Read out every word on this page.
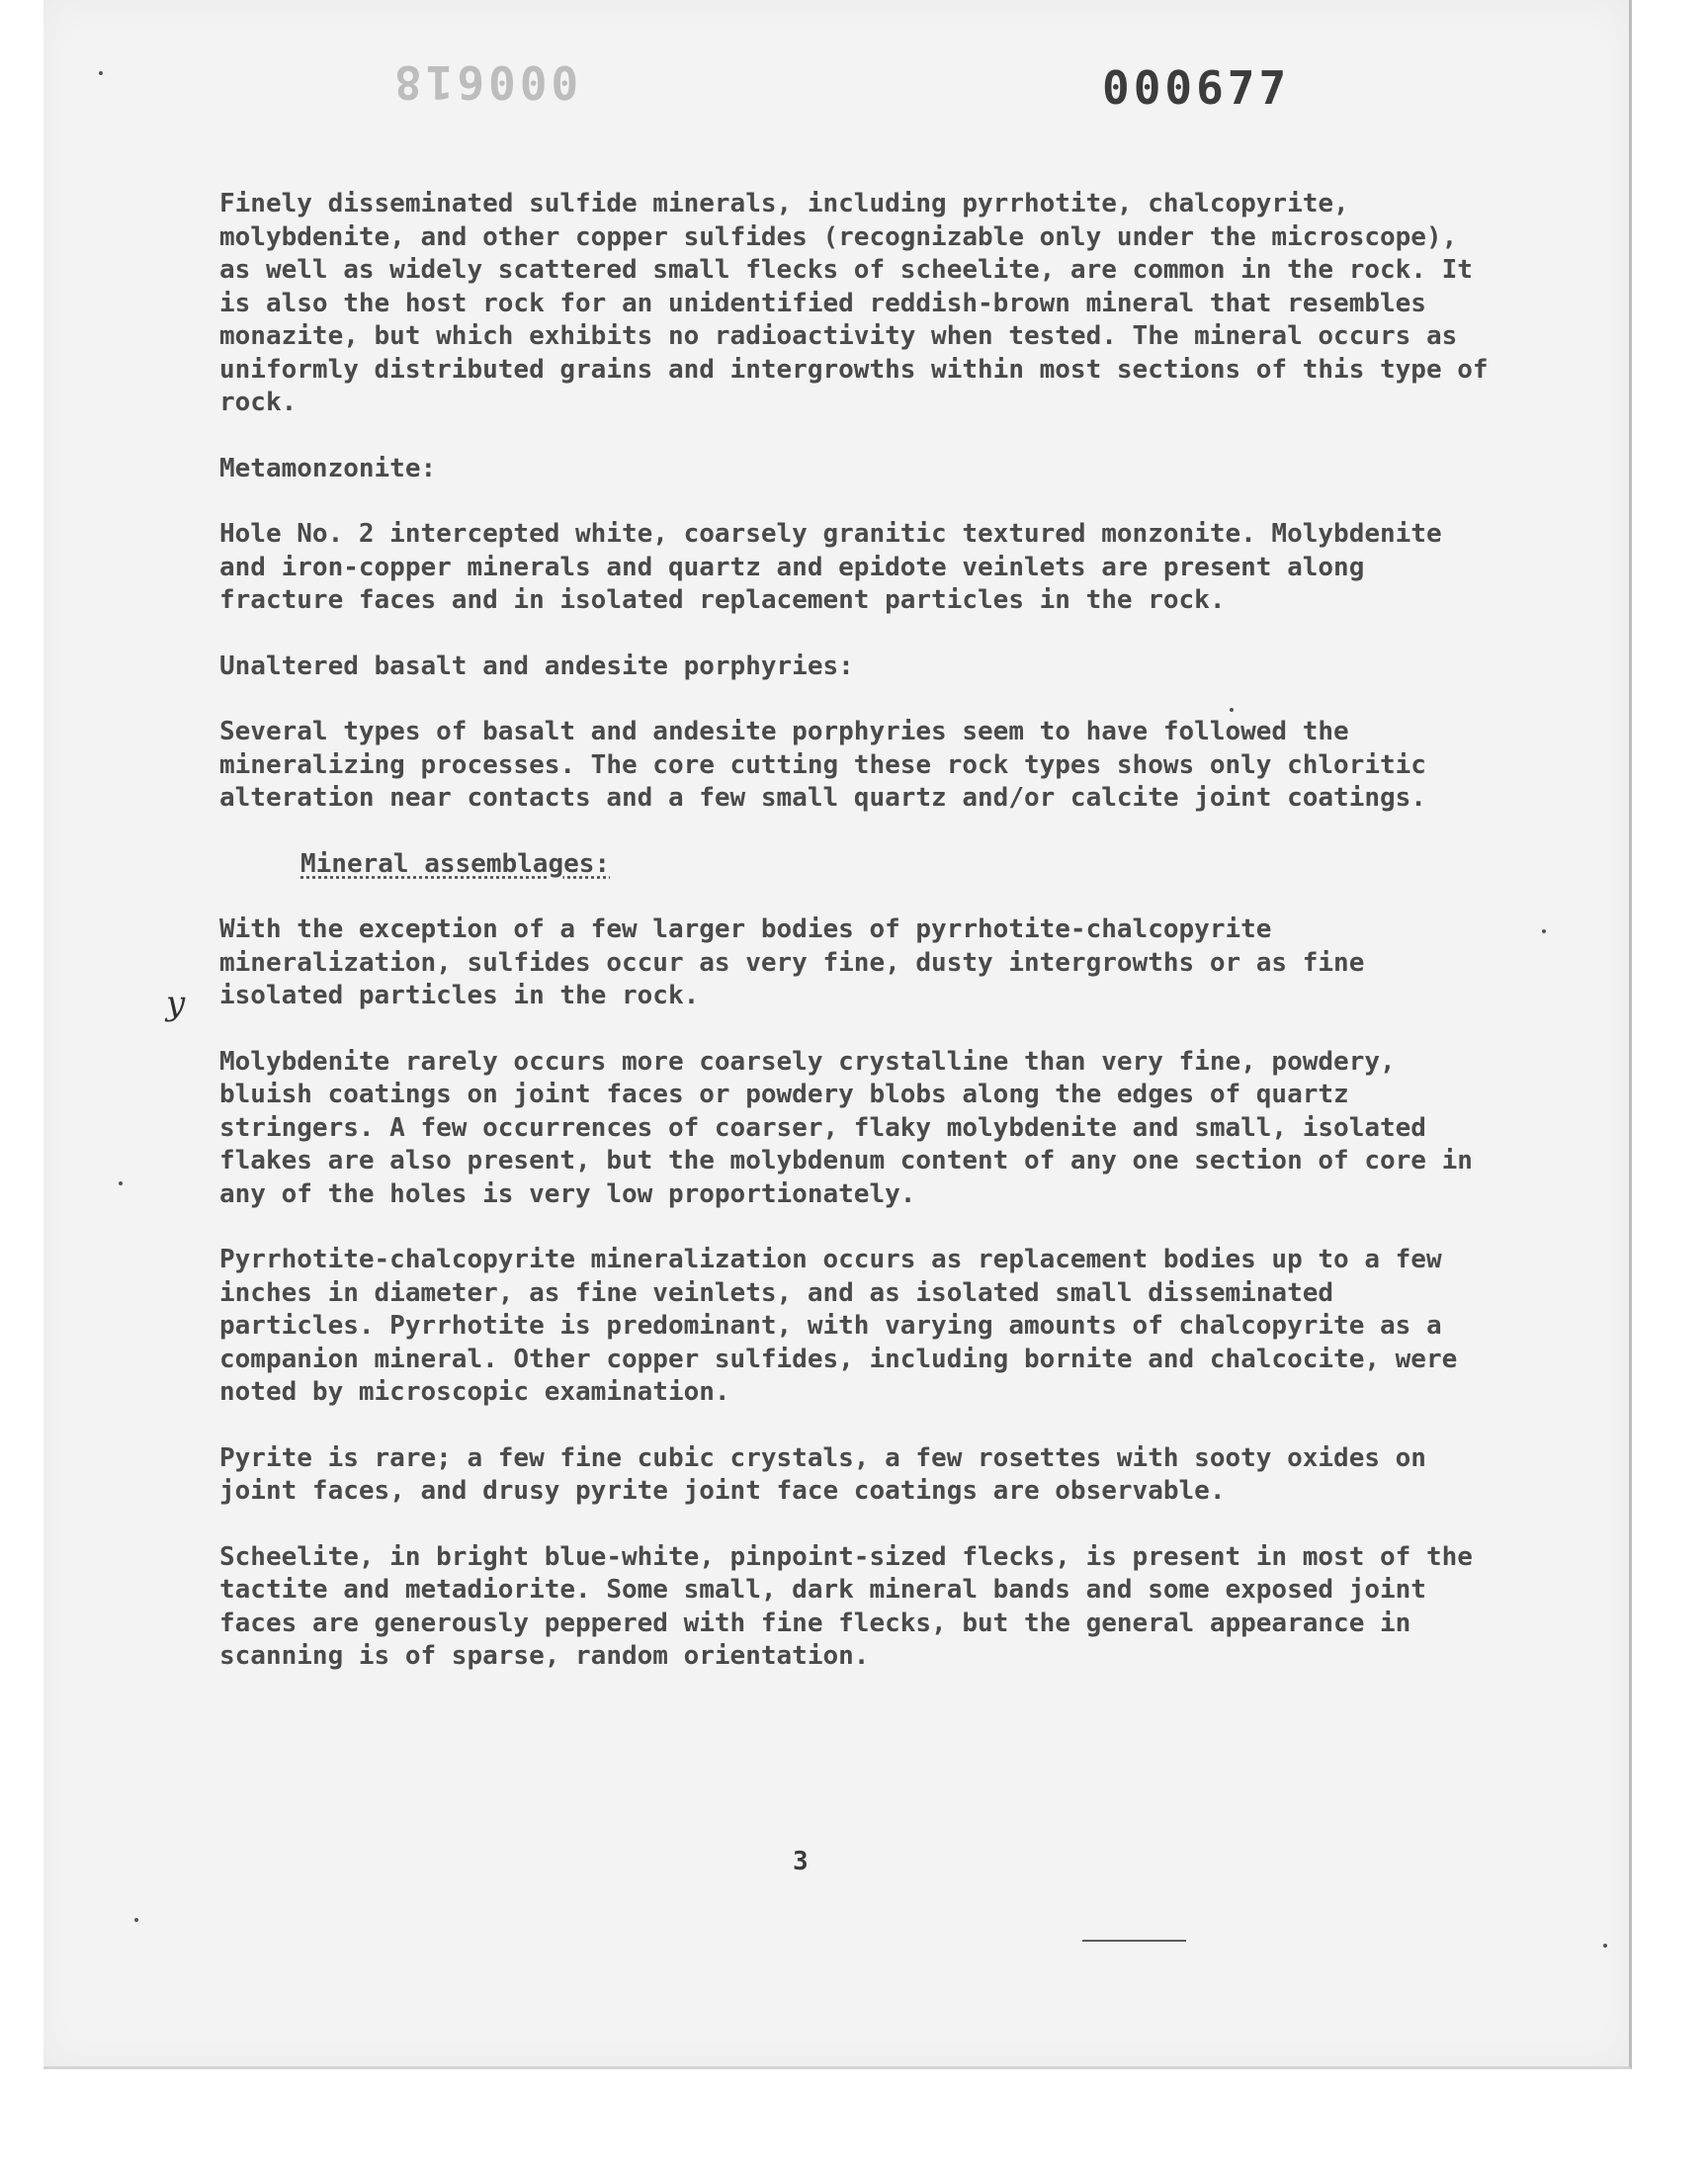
000618	000677

Finely disseminated sulfide minerals, including pyrrhotite, chalcopyrite, molybdenite, and other copper sulfides (recognizable only under the microscope), as well as widely scattered small flecks of scheelite, are common in the rock. It is also the host rock for an unidentified reddish-brown mineral that resembles monazite, but which exhibits no radioactivity when tested. The mineral occurs as uniformly distributed grains and intergrowths within most sections of this type of rock.

Metamonzonite:

Hole No. 2 intercepted white, coarsely granitic textured monzonite. Molybdenite and iron-copper minerals and quartz and epidote veinlets are present along fracture faces and in isolated replacement particles in the rock.

Unaltered basalt and andesite porphyries:

Several types of basalt and andesite porphyries seem to have followed the mineralizing processes. The core cutting these rock types shows only chloritic alteration near contacts and a few small quartz and/or calcite joint coatings.

Mineral assemblages:

With the exception of a few larger bodies of pyrrhotite-chalcopyrite mineralization, sulfides occur as very fine, dusty intergrowths or as fine isolated particles in the rock.

Molybdenite rarely occurs more coarsely crystalline than very fine, powdery, bluish coatings on joint faces or powdery blobs along the edges of quartz stringers. A few occurrences of coarser, flaky molybdenite and small, isolated flakes are also present, but the molybdenum content of any one section of core in any of the holes is very low proportionately.

Pyrrhotite-chalcopyrite mineralization occurs as replacement bodies up to a few inches in diameter, as fine veinlets, and as isolated small disseminated particles. Pyrrhotite is predominant, with varying amounts of chalcopyrite as a companion mineral. Other copper sulfides, including bornite and chalcocite, were noted by microscopic examination.

Pyrite is rare; a few fine cubic crystals, a few rosettes with sooty oxides on joint faces, and drusy pyrite joint face coatings are observable.

Scheelite, in bright blue-white, pinpoint-sized flecks, is present in most of the tactite and metadiorite. Some small, dark mineral bands and some exposed joint faces are generously peppered with fine flecks, but the general appearance in scanning is of sparse, random orientation.

y
3
